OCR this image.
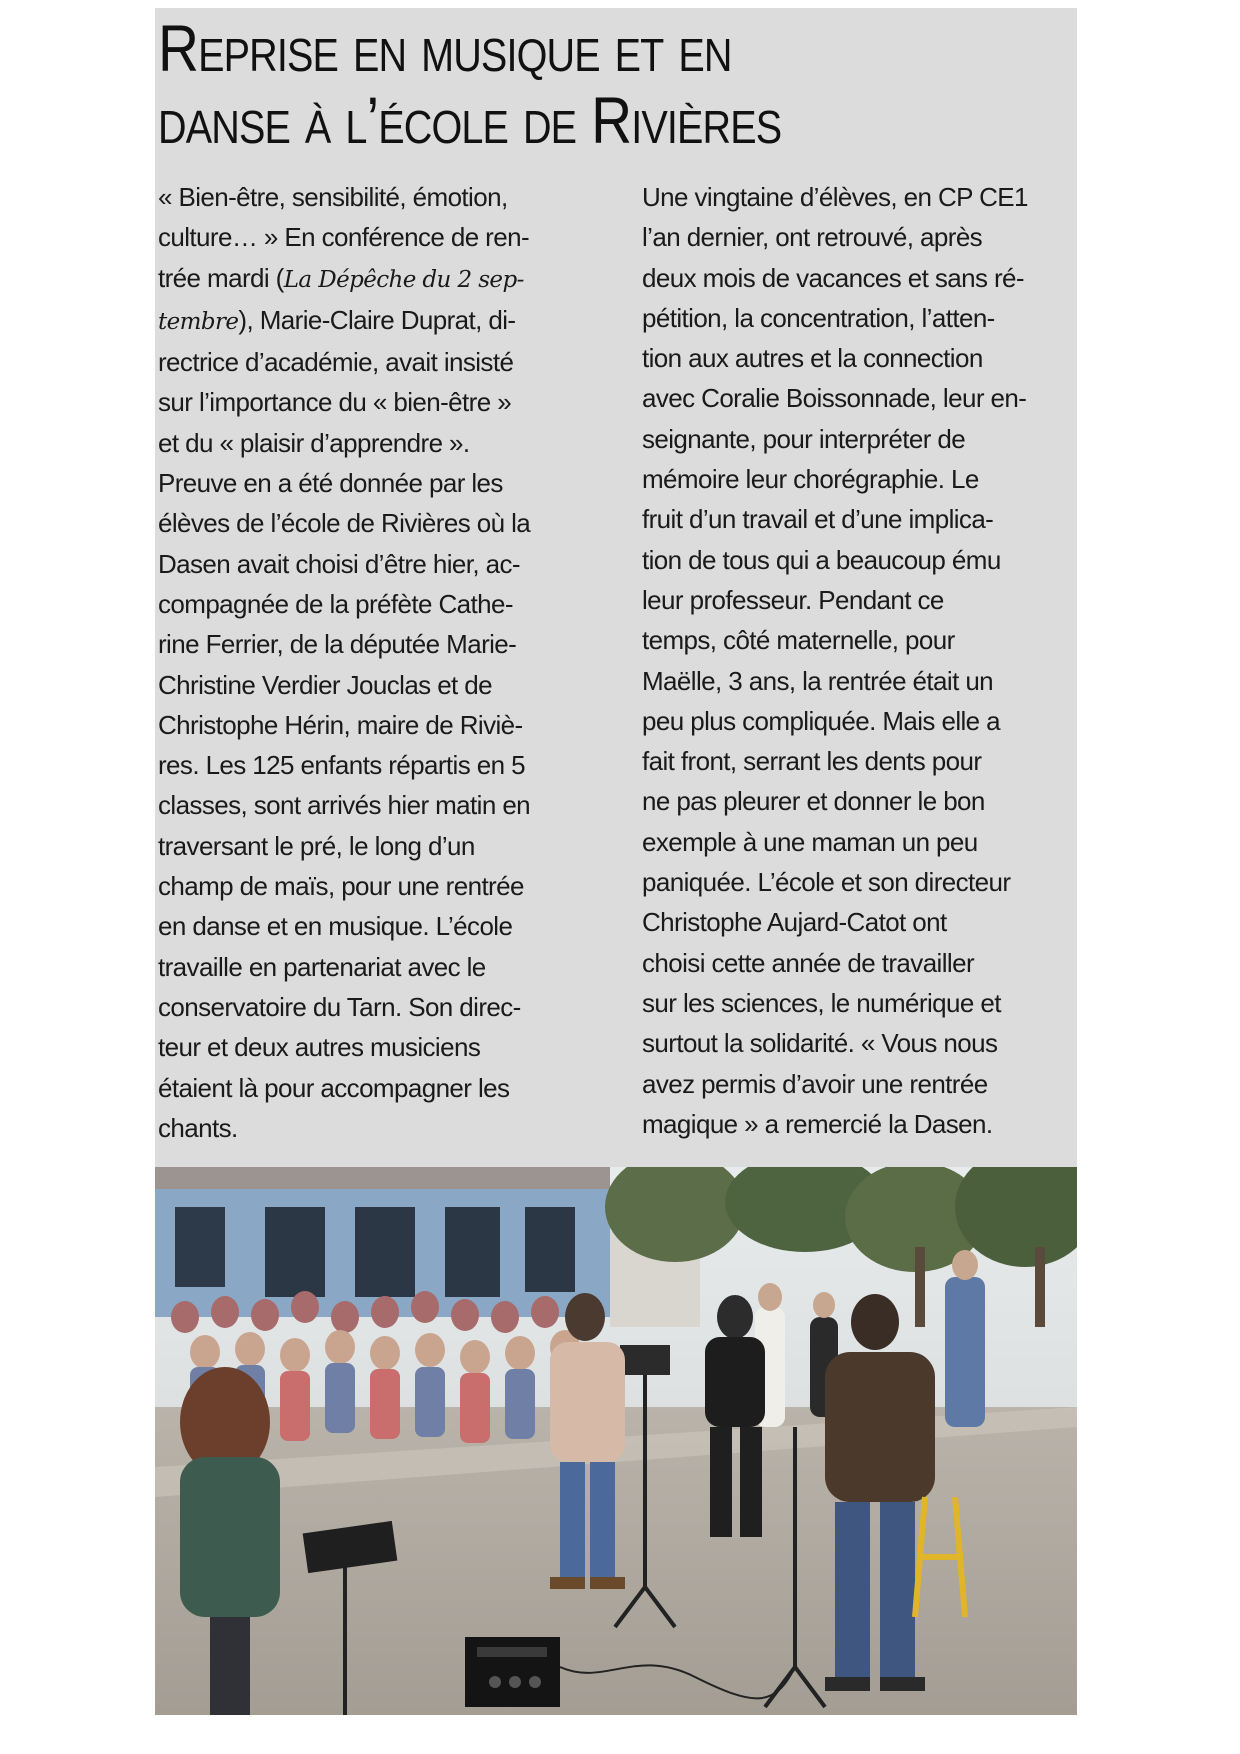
Reprise en musique et en
danse à l’école de Rivières
« Bien-être, sensibilité, émotion,
culture… » En conférence de ren-
trée mardi (La Dépêche du 2 sep-
tembre), Marie-Claire Duprat, di-
rectrice d’académie, avait insisté
sur l’importance du « bien-être »
et du « plaisir d’apprendre ».
Preuve en a été donnée par les
élèves de l’école de Rivières où la
Dasen avait choisi d’être hier, ac-
compagnée de la préfète Cathe-
rine Ferrier, de la députée Marie-
Christine Verdier Jouclas et de
Christophe Hérin, maire de Riviè-
res. Les 125 enfants répartis en 5
classes, sont arrivés hier matin en
traversant le pré, le long d’un
champ de maïs, pour une rentrée
en danse et en musique. L’école
travaille en partenariat avec le
conservatoire du Tarn. Son direc-
teur et deux autres musiciens
étaient là pour accompagner les
chants.
Une vingtaine d’élèves, en CP CE1
l’an dernier, ont retrouvé, après
deux mois de vacances et sans ré-
pétition, la concentration, l’atten-
tion aux autres et la connection
avec Coralie Boissonnade, leur en-
seignante, pour interpréter de
mémoire leur chorégraphie. Le
fruit d’un travail et d’une implica-
tion de tous qui a beaucoup ému
leur professeur. Pendant ce
temps, côté maternelle, pour
Maëlle, 3 ans, la rentrée était un
peu plus compliquée. Mais elle a
fait front, serrant les dents pour
ne pas pleurer et donner le bon
exemple à une maman un peu
paniquée. L’école et son directeur
Christophe Aujard-Catot ont
choisi cette année de travailler
sur les sciences, le numérique et
surtout la solidarité. « Vous nous
avez permis d’avoir une rentrée
magique » a remercié la Dasen.
